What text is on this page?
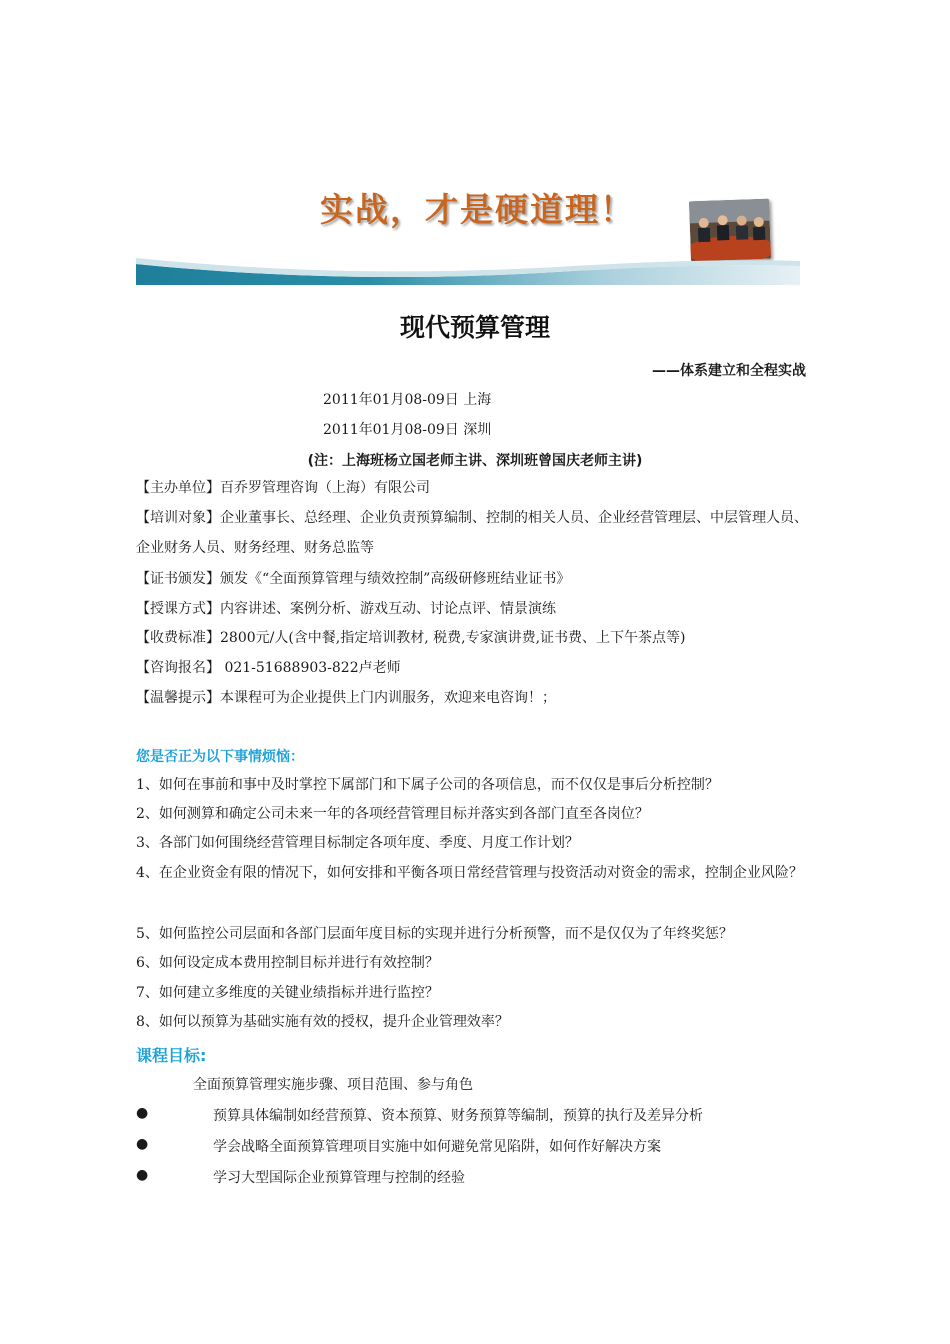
实战，才是硬道理！
现代预算管理
——体系建立和全程实战
2011年01月08-09日 上海
2011年01月08-09日 深圳
(注：上海班杨立国老师主讲、深圳班曾国庆老师主讲)
【主办单位】百乔罗管理咨询（上海）有限公司
【培训对象】企业董事长、总经理、企业负责预算编制、控制的相关人员、企业经营管理层、中层管理人员、企业财务人员、财务经理、财务总监等
【证书颁发】颁发《“全面预算管理与绩效控制”高级研修班结业证书》
【授课方式】内容讲述、案例分析、游戏互动、讨论点评、情景演练
【收费标准】2800元/人(含中餐,指定培训教材, 税费,专家演讲费,证书费、上下午茶点等)
【咨询报名】 021-51688903-822卢老师
【温馨提示】本课程可为企业提供上门内训服务，欢迎来电咨询！；
您是否正为以下事情烦恼：
1、如何在事前和事中及时掌控下属部门和下属子公司的各项信息，而不仅仅是事后分析控制？
2、如何测算和确定公司未来一年的各项经营管理目标并落实到各部门直至各岗位？
3、各部门如何围绕经营管理目标制定各项年度、季度、月度工作计划？
4、在企业资金有限的情况下，如何安排和平衡各项日常经营管理与投资活动对资金的需求，控制企业风险？
5、如何监控公司层面和各部门层面年度目标的实现并进行分析预警，而不是仅仅为了年终奖惩？
6、如何设定成本费用控制目标并进行有效控制？
7、如何建立多维度的关键业绩指标并进行监控？
8、如何以预算为基础实施有效的授权，提升企业管理效率？
课程目标:
全面预算管理实施步骤、项目范围、参与角色
●	预算具体编制如经营预算、资本预算、财务预算等编制，预算的执行及差异分析
●	学会战略全面预算管理项目实施中如何避免常见陷阱，如何作好解决方案
●	学习大型国际企业预算管理与控制的经验
